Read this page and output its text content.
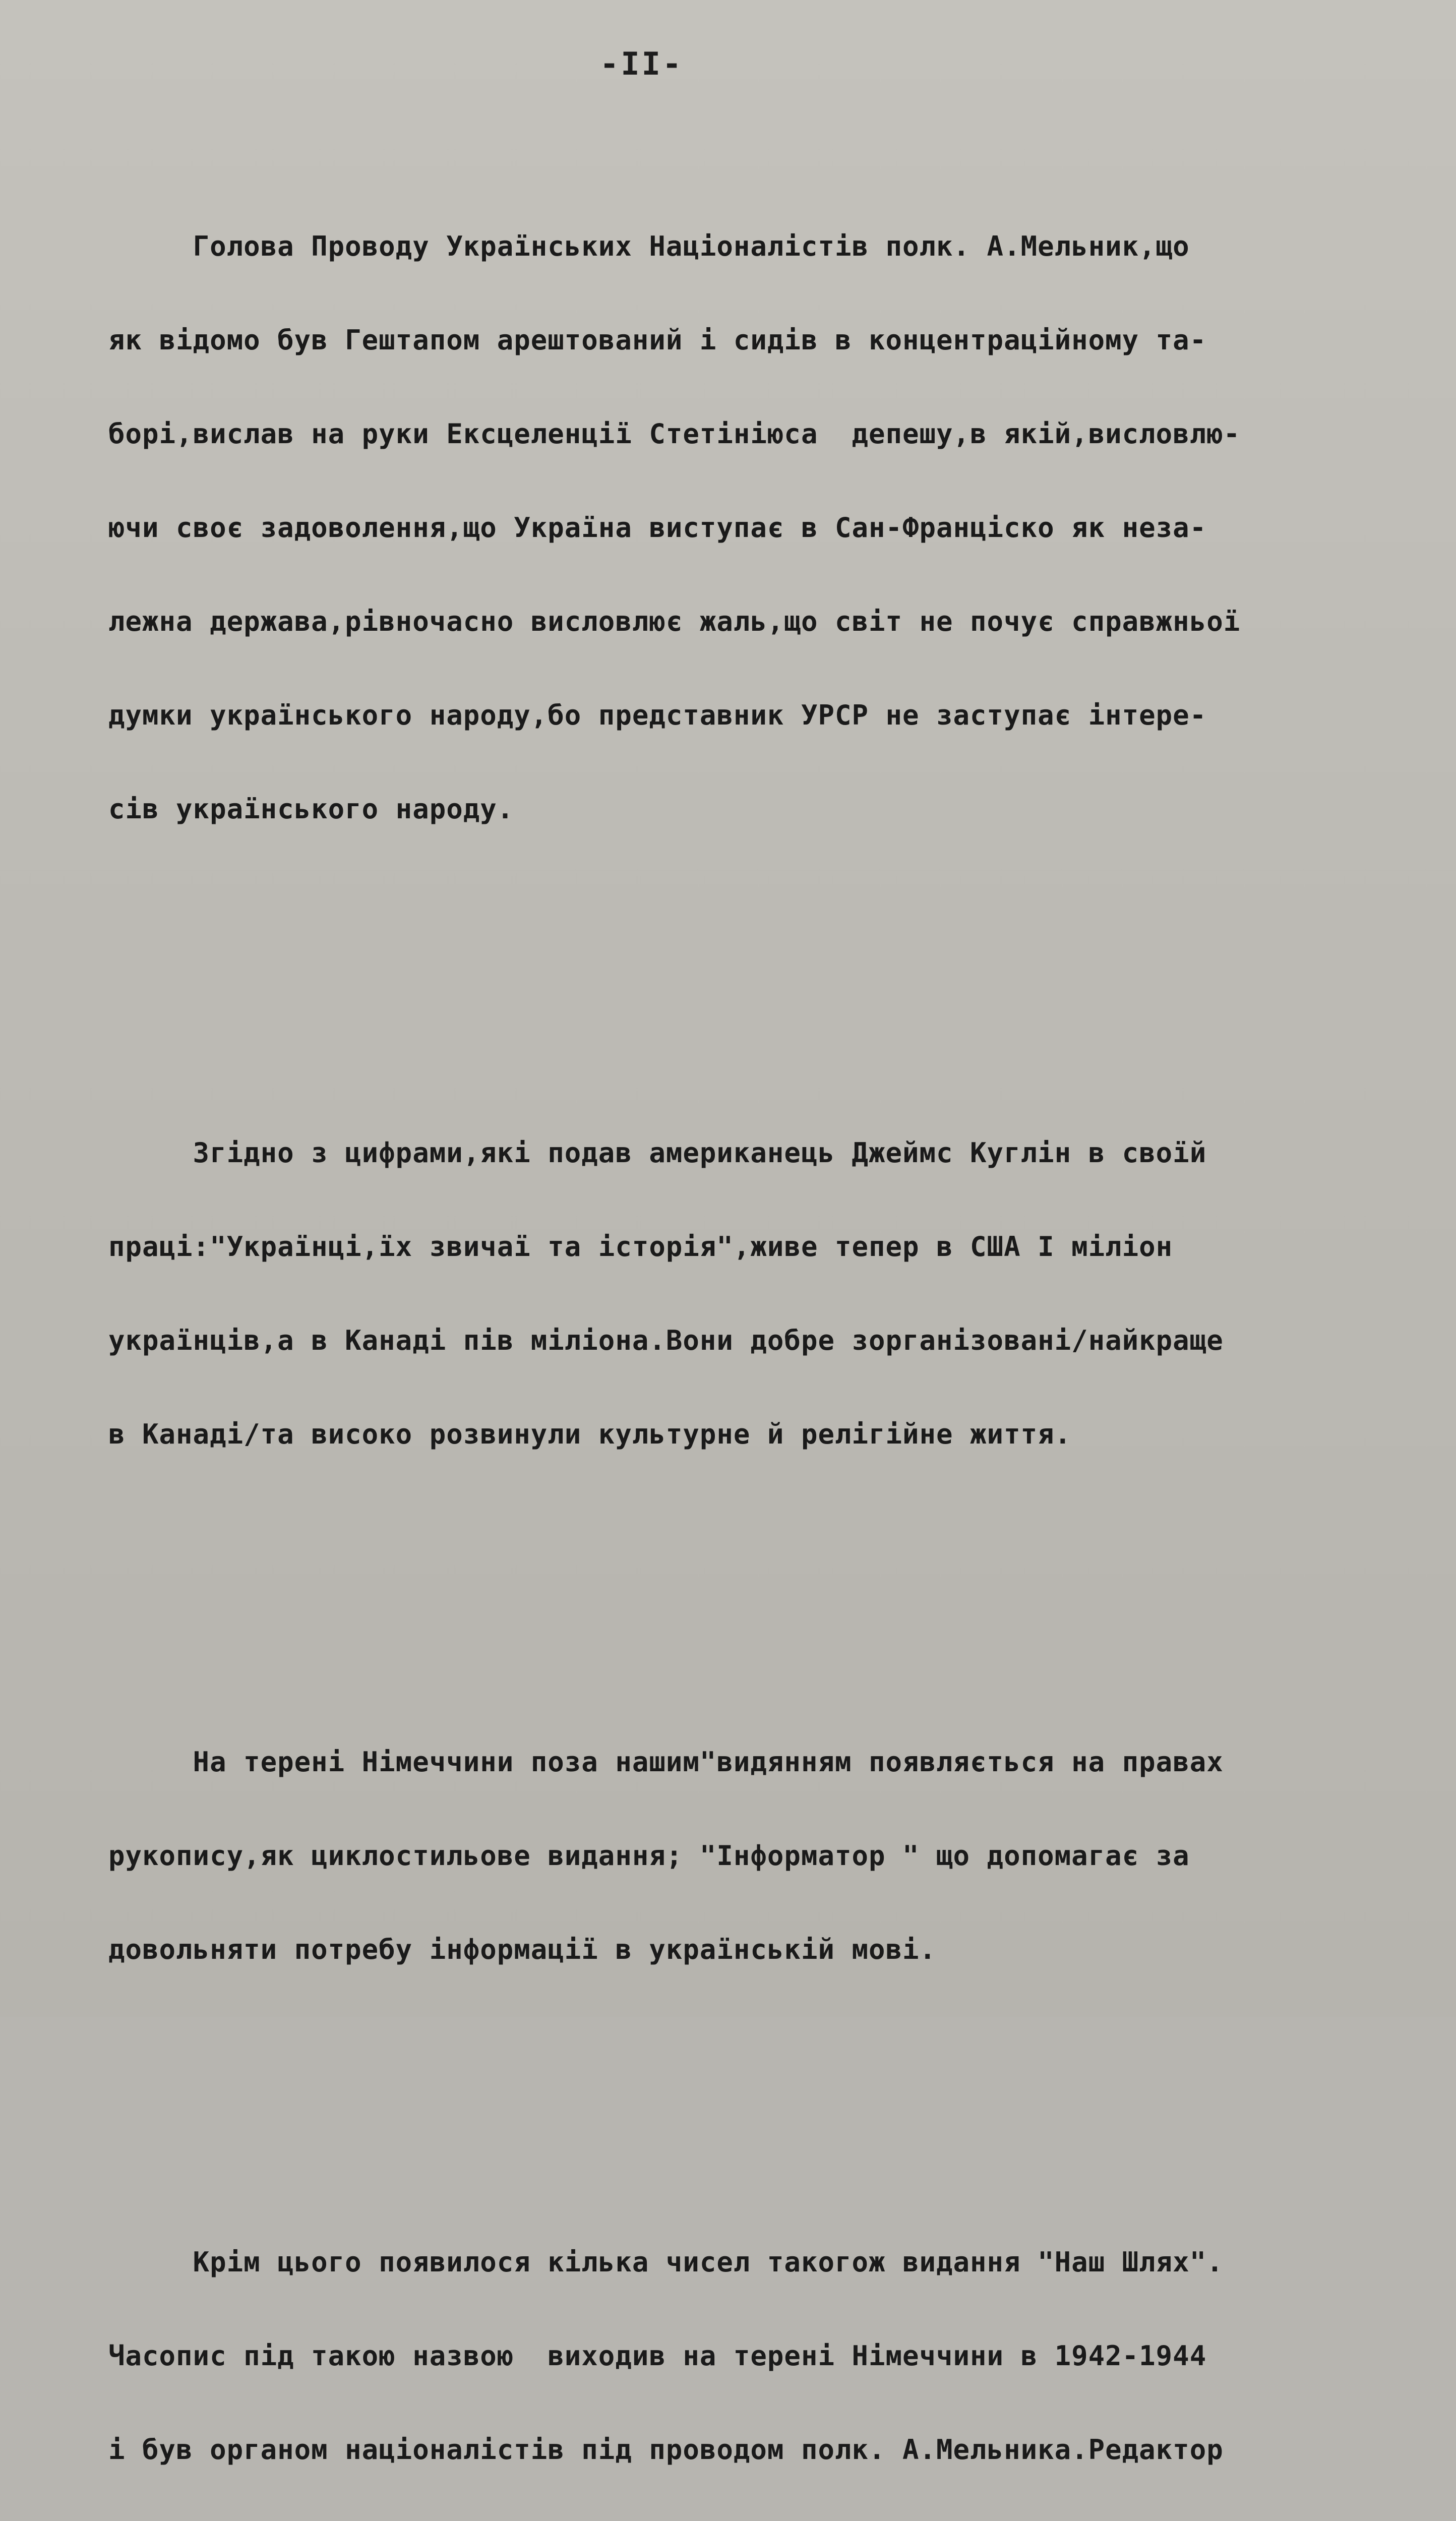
-II-

Голова Проводу Українських Націоналістів полк. А.Мельник,що

як відомо був Гештапом арештований і сидів в концентраційному та-

борі,вислав на руки Ексцеленції Стетініюса  депешу,в якій,висловлю-

ючи своє задоволення,що Україна виступає в Сан-Франціско як неза-

лежна держава,рівночасно висловлює жаль,що світ не почує справжньої

думки українського народу,бо представник УРСР не заступає інтере-

сів українського народу.

Згідно з цифрами,які подав американець Джеймс Куглін в своїй

праці:"Українці,їх звичаї та історія",живе тепер в США І міліон

українців,а в Канаді пів міліона.Вони добре зорганізовані/найкраще

в Канаді/та високо розвинули культурне й релігійне життя.

На терені Німеччини поза нашим"видянням появляється на правах

рукопису,як циклостильове видання; "Інформатор " що допомагає за

довольняти потребу інформації в українській мові.

Крім цього появилося кілька чисел такогож видання "Наш Шлях".

Часопис під такою назвою  виходив на терені Німеччини в 1942-1944

і був органом націоналістів під проводом полк. А.Мельника.Редактор
